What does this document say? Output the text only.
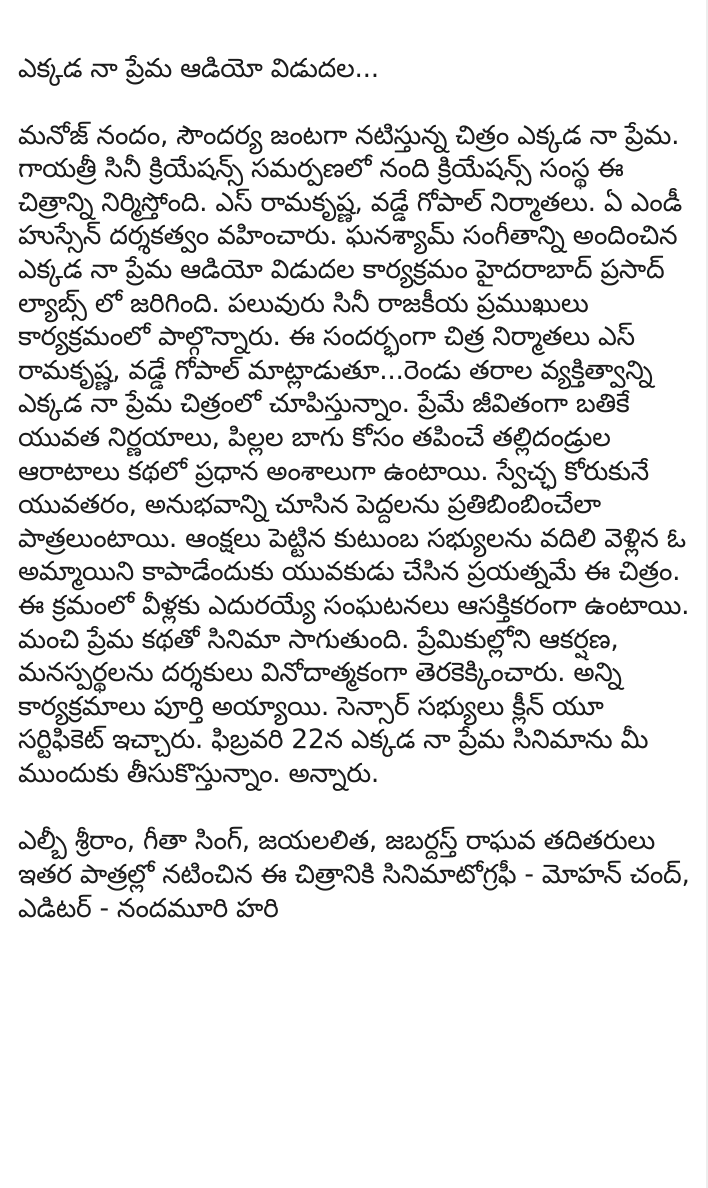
ఎక్కడ నా ప్రేమ ఆడియో విడుదల...

మనోజ్ నందం, సౌందర్య జంటగా నటిస్తున్న చిత్రం ఎక్కడ నా ప్రేమ. గాయత్రీ సినీ క్రియేషన్స్ సమర్పణలో నంది క్రియేషన్స్ సంస్థ ఈ చిత్రాన్ని నిర్మిస్తోంది. ఎస్ రామకృష్ణ, వడ్డే గోపాల్ నిర్మాతలు. ఏ ఎండీ హుస్సేన్ దర్శకత్వం వహించారు. ఘనశ్యామ్ సంగీతాన్ని అందించిన ఎక్కడ నా ప్రేమ ఆడియో విడుదల కార్యక్రమం హైదరాబాద్ ప్రసాద్ ల్యాబ్స్ లో జరిగింది. పలువురు సినీ రాజకీయ ప్రముఖులు కార్యక్రమంలో పాల్గొన్నారు. ఈ సందర్భంగా చిత్ర నిర్మాతలు ఎస్ రామకృష్ణ, వడ్డే గోపాల్ మాట్లాడుతూ...రెండు తరాల వ్యక్తిత్వాన్ని ఎక్కడ నా ప్రేమ చిత్రంలో చూపిస్తున్నాం. ప్రేమే జీవితంగా బతికే యువత నిర్ణయాలు, పిల్లల బాగు కోసం తపించే తల్లిదండ్రుల ఆరాటాలు కథలో ప్రధాన అంశాలుగా ఉంటాయి. స్వేచ్ఛ కోరుకునే యువతరం, అనుభవాన్ని చూసిన పెద్దలను ప్రతిబింబించేలా పాత్రలుంటాయి. ఆంక్షలు పెట్టిన కుటుంబ సభ్యులను వదిలి వెళ్లిన ఓ అమ్మాయిని కాపాడేందుకు యువకుడు చేసిన ప్రయత్నమే ఈ చిత్రం. ఈ క్రమంలో వీళ్లకు ఎదురయ్యే సంఘటనలు ఆసక్తికరంగా ఉంటాయి. మంచి ప్రేమ కథతో సినిమా సాగుతుంది. ప్రేమికుల్లోని ఆకర్షణ, మనస్పర్థలను దర్శకులు వినోదాత్మకంగా తెరకెక్కించారు. అన్ని కార్యక్రమాలు పూర్తి అయ్యాయి. సెన్సార్ సభ్యులు క్లీన్ యూ సర్టిఫికెట్ ఇచ్చారు. ఫిబ్రవరి 22న ఎక్కడ నా ప్రేమ సినిమాను మీ ముందుకు తీసుకొస్తున్నాం. అన్నారు.

ఎల్బీ శ్రీరాం, గీతా సింగ్, జయలలిత, జబర్దస్త్ రాఘవ తదితరులు ఇతర పాత్రల్లో నటించిన ఈ చిత్రానికి సినిమాటోగ్రఫీ - మోహన్ చంద్, ఎడిటర్ - నందమూరి హరి
